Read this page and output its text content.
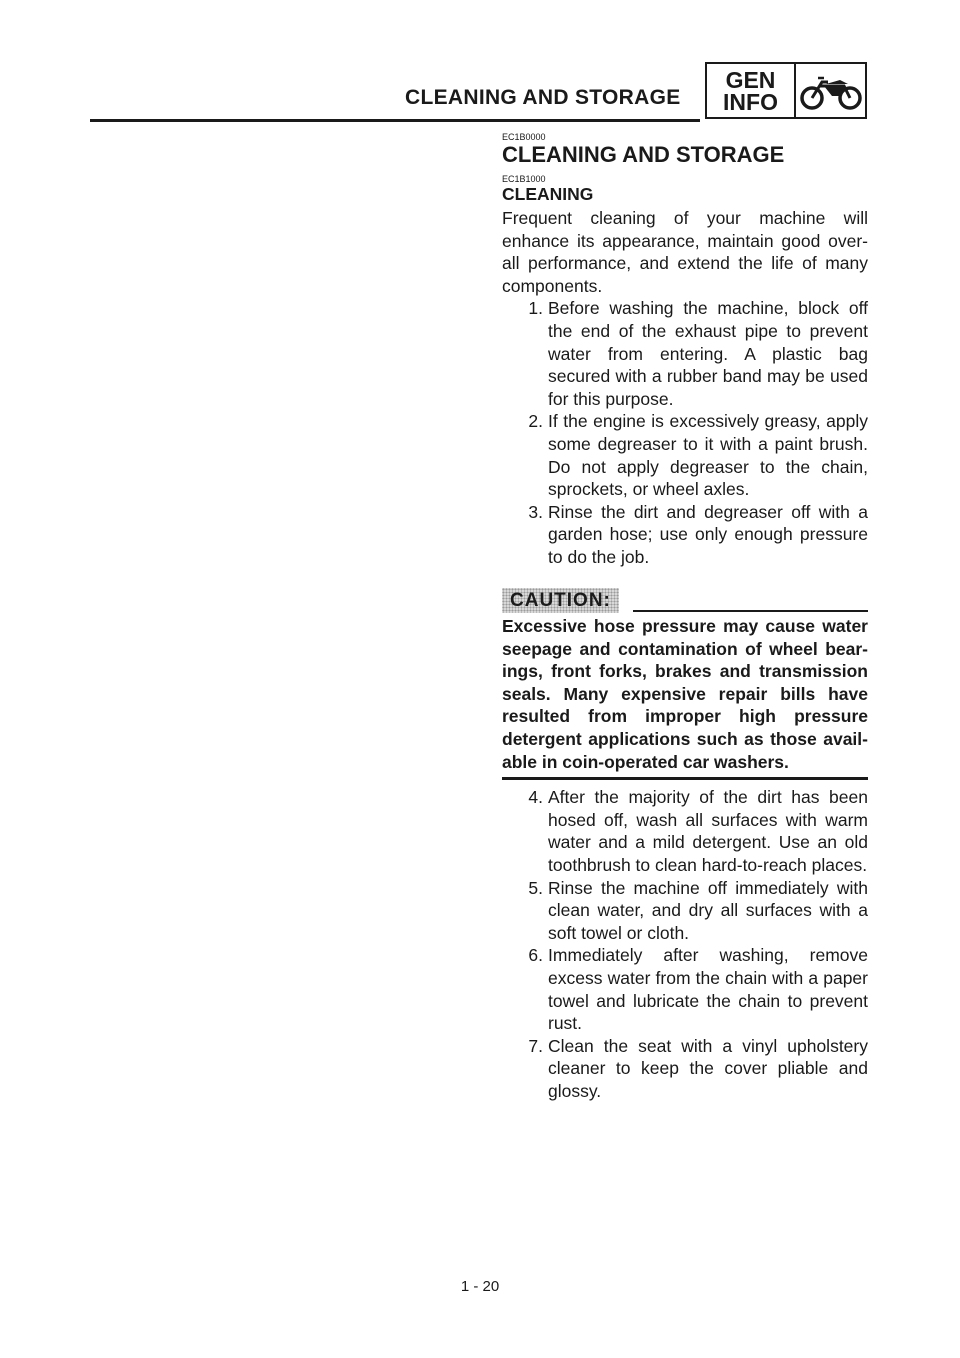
CLEANING AND STORAGE
GEN
INFO

EC1B0000

CLEANING AND STORAGE

EC1B1000

CLEANING

Frequent cleaning of your machine will enhance its appearance, maintain good over-all performance, and extend the life of many components.

1. Before washing the machine, block off the end of the exhaust pipe to prevent water from entering. A plastic bag secured with a rubber band may be used for this purpose.
2. If the engine is excessively greasy, apply some degreaser to it with a paint brush. Do not apply degreaser to the chain, sprockets, or wheel axles.
3. Rinse the dirt and degreaser off with a garden hose; use only enough pressure to do the job.
CAUTION:

Excessive hose pressure may cause water seepage and contamination of wheel bear-ings, front forks, brakes and transmission seals. Many expensive repair bills have resulted from improper high pressure detergent applications such as those avail-able in coin-operated car washers.

4. After the majority of the dirt has been hosed off, wash all surfaces with warm water and a mild detergent. Use an old toothbrush to clean hard-to-reach places.
5. Rinse the machine off immediately with clean water, and dry all surfaces with a soft towel or cloth.
6. Immediately after washing, remove excess water from the chain with a paper towel and lubricate the chain to prevent rust.
7. Clean the seat with a vinyl upholstery cleaner to keep the cover pliable and glossy.
1 - 20
